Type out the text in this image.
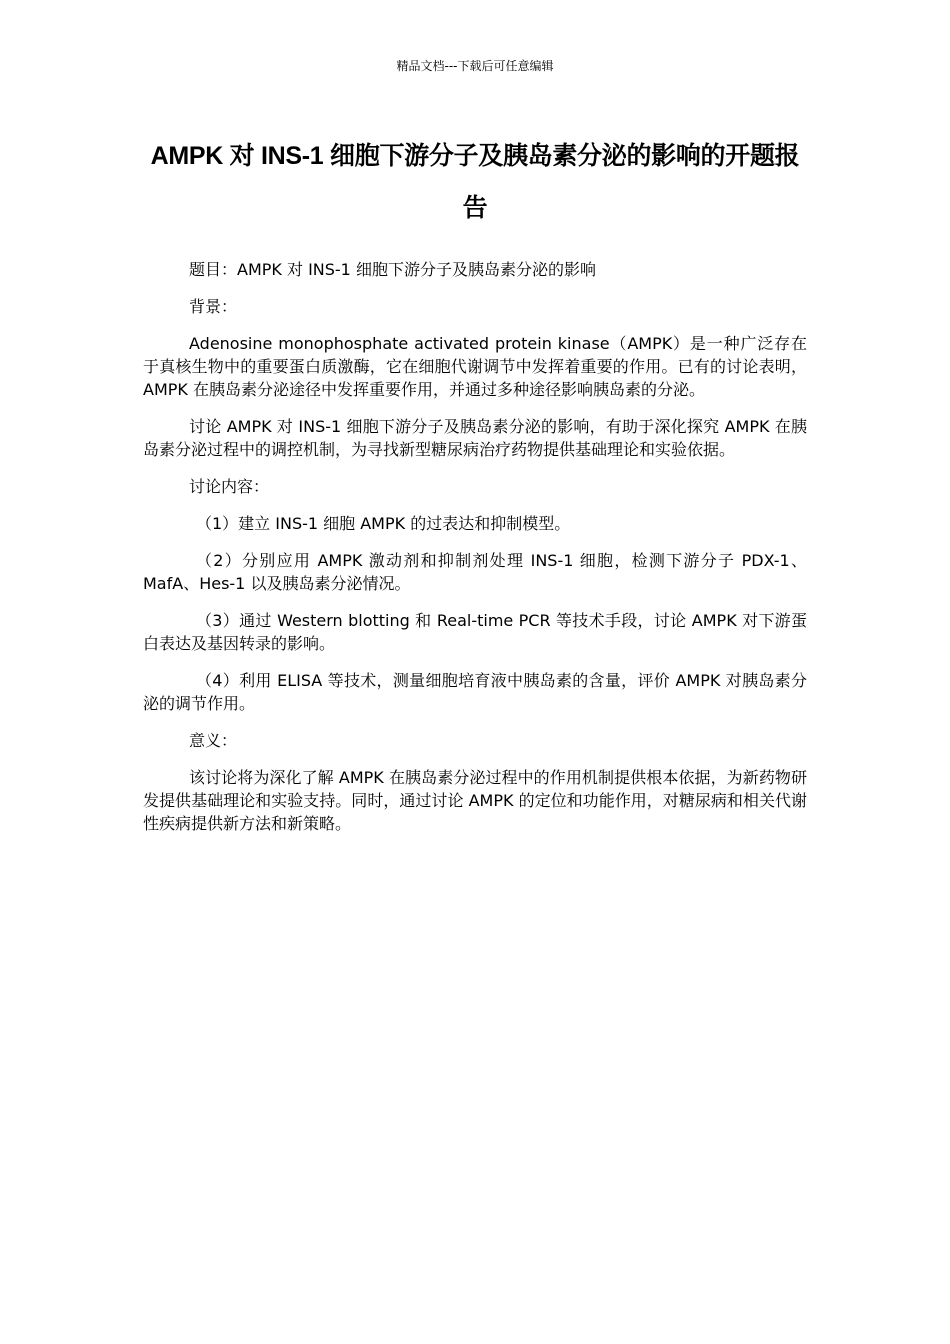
精品文档---下载后可任意编辑
AMPK 对 INS-1 细胞下游分子及胰岛素分泌的影响的开题报告

题目：AMPK 对 INS-1 细胞下游分子及胰岛素分泌的影响

背景：

Adenosine monophosphate activated protein kinase（AMPK）是一种广泛存在于真核生物中的重要蛋白质激酶，它在细胞代谢调节中发挥着重要的作用。已有的讨论表明，AMPK 在胰岛素分泌途径中发挥重要作用，并通过多种途径影响胰岛素的分泌。

讨论 AMPK 对 INS-1 细胞下游分子及胰岛素分泌的影响，有助于深化探究 AMPK 在胰岛素分泌过程中的调控机制，为寻找新型糖尿病治疗药物提供基础理论和实验依据。

讨论内容：

（1）建立 INS-1 细胞 AMPK 的过表达和抑制模型。

（2）分别应用 AMPK 激动剂和抑制剂处理 INS-1 细胞，检测下游分子 PDX-1、MafA、Hes-1 以及胰岛素分泌情况。

（3）通过 Western blotting 和 Real-time PCR 等技术手段，讨论 AMPK 对下游蛋白表达及基因转录的影响。

（4）利用 ELISA 等技术，测量细胞培育液中胰岛素的含量，评价 AMPK 对胰岛素分泌的调节作用。

意义：

该讨论将为深化了解 AMPK 在胰岛素分泌过程中的作用机制提供根本依据，为新药物研发提供基础理论和实验支持。同时，通过讨论 AMPK 的定位和功能作用，对糖尿病和相关代谢性疾病提供新方法和新策略。
